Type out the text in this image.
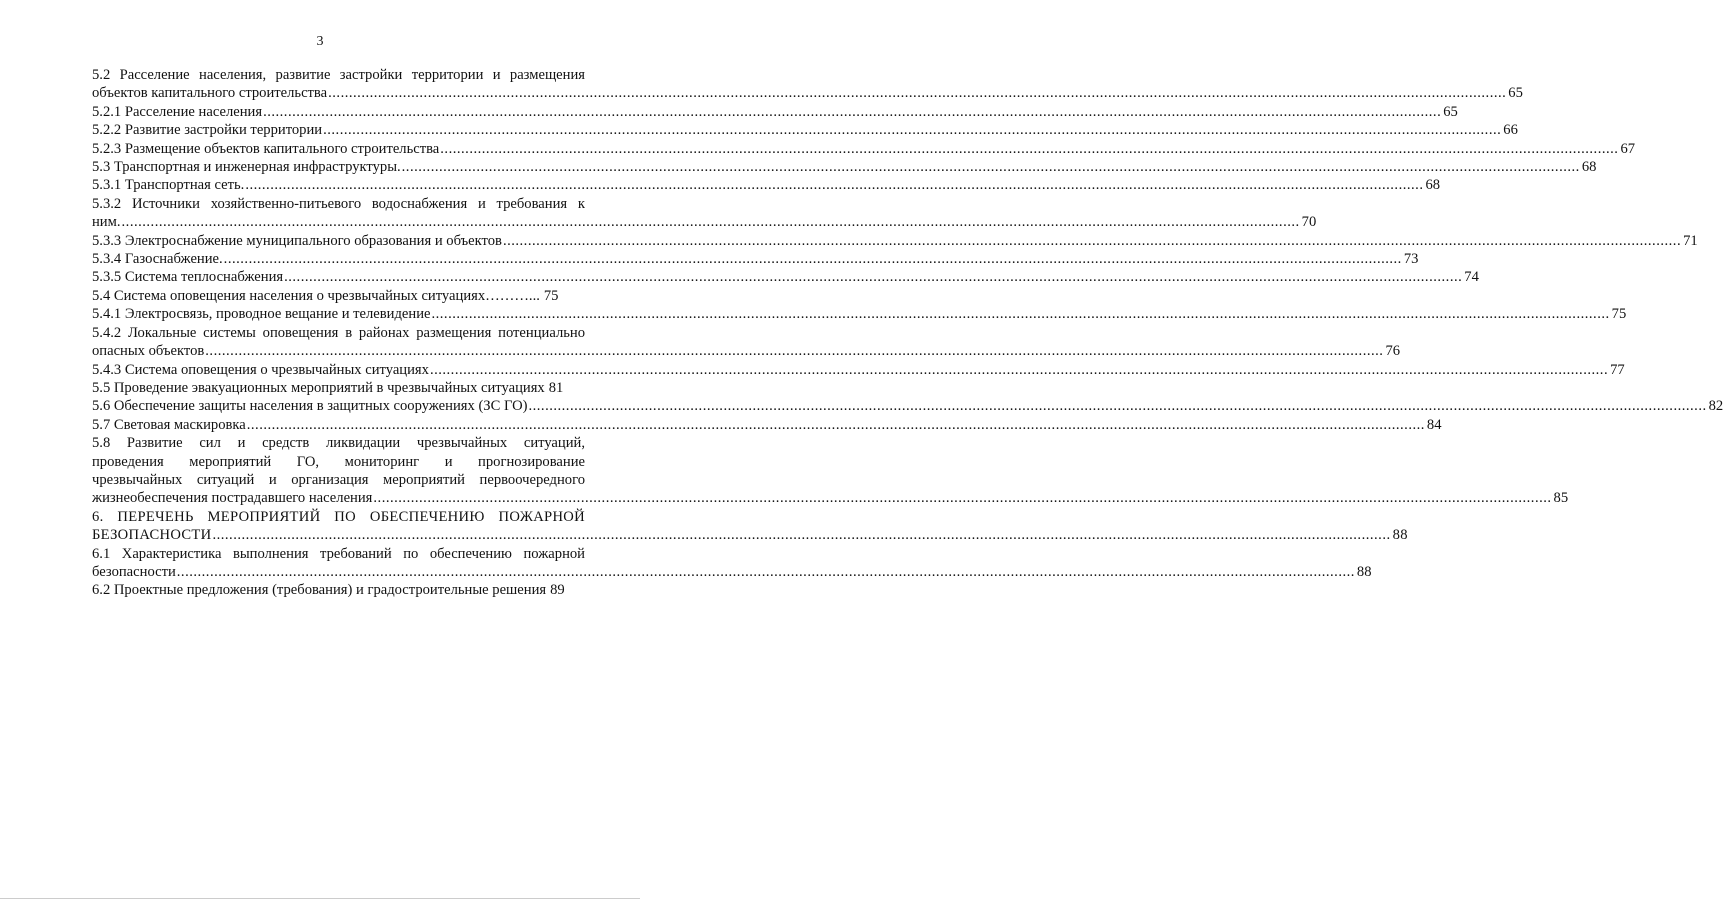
3
5.2 Расселение населения, развитие застройки территории и размещения
объектов капитального строительства .....	65
5.2.1 Расселение населения .....	65
5.2.2 Развитие застройки территории .....	66
5.2.3 Размещение объектов капитального строительства .....	67
5.3 Транспортная и инженерная инфраструктуры. .....	68
5.3.1 Транспортная сеть. .....	68
5.3.2 Источники хозяйственно-питьевого водоснабжения и требования к
ним. .....	70
5.3.3 Электроснабжение муниципального образования и объектов .....	71
5.3.4 Газоснабжение. .....	73
5.3.5 Система теплоснабжения .....	74
5.4 Система оповещения населения о чрезвычайных ситуациях………... 75
5.4.1 Электросвязь, проводное вещание и телевидение .....	75
5.4.2 Локальные системы оповещения в районах размещения потенциально
опасных объектов .....	76
5.4.3 Система оповещения о чрезвычайных ситуациях .....	77
5.5 Проведение эвакуационных мероприятий в чрезвычайных ситуациях 81
5.6 Обеспечение защиты населения в защитных сооружениях (ЗС ГО) .....	82
5.7 Световая маскировка .....	84
5.8 Развитие сил и средств ликвидации чрезвычайных ситуаций,
проведения мероприятий ГО, мониторинг и прогнозирование
чрезвычайных ситуаций и организация мероприятий первоочередного
жизнеобеспечения пострадавшего населения .....	85
6. ПЕРЕЧЕНЬ МЕРОПРИЯТИЙ ПО ОБЕСПЕЧЕНИЮ ПОЖАРНОЙ
БЕЗОПАСНОСТИ .....	88
6.1 Характеристика выполнения требований по обеспечению пожарной
безопасности .....	88
6.2 Проектные предложения (требования) и градостроительные решения 89
